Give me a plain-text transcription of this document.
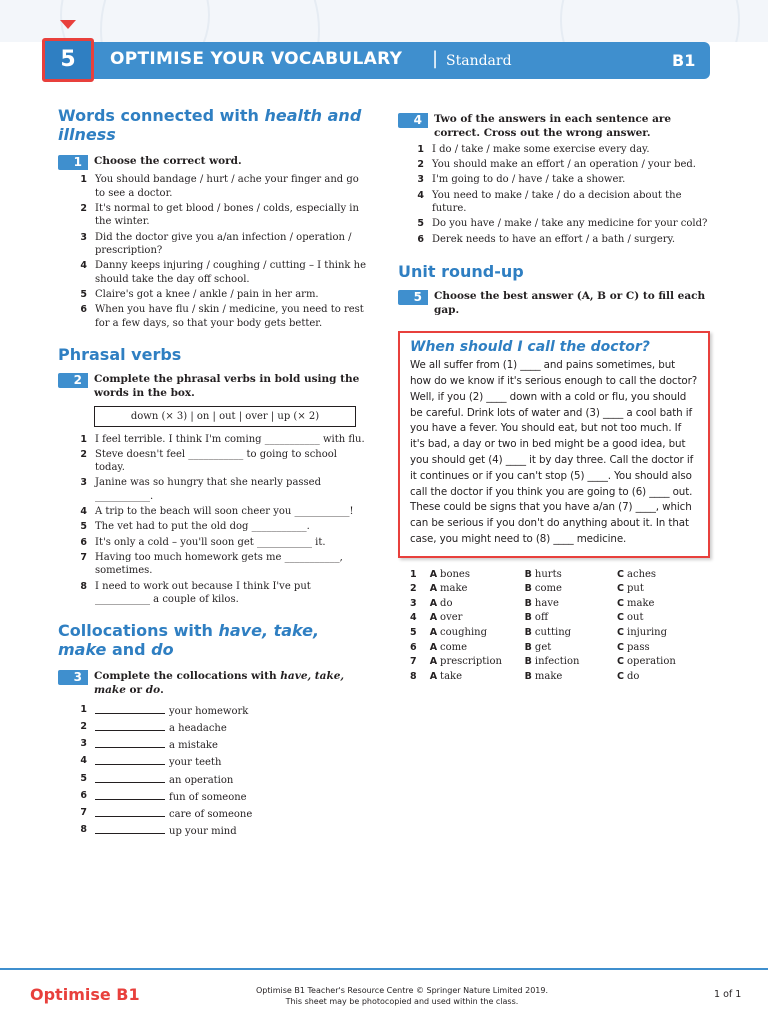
5	OPTIMISE YOUR VOCABULARY | Standard	B1
Words connected with health and illness
1	Choose the correct word.
1 You should bandage / hurt / ache your finger and go to see a doctor.
2 It's normal to get blood / bones / colds, especially in the winter.
3 Did the doctor give you a/an infection / operation / prescription?
4 Danny keeps injuring / coughing / cutting – I think he should take the day off school.
5 Claire's got a knee / ankle / pain in her arm.
6 When you have flu / skin / medicine, you need to rest for a few days, so that your body gets better.
Phrasal verbs
2	Complete the phrasal verbs in bold using the words in the box.
down (× 3) | on | out | over | up (× 2)
1 I feel terrible. I think I'm coming ___________ with flu.
2 Steve doesn't feel ___________ to going to school today.
3 Janine was so hungry that she nearly passed ___________.
4 A trip to the beach will soon cheer you ___________!
5 The vet had to put the old dog ___________.
6 It's only a cold – you'll soon get ___________ it.
7 Having too much homework gets me ___________, sometimes.
8 I need to work out because I think I've put ___________ a couple of kilos.
Collocations with have, take, make and do
3	Complete the collocations with have, take, make or do.
1	your homework
2	a headache
3	a mistake
4	your teeth
5	an operation
6	fun of someone
7	care of someone
8	up your mind
4	Two of the answers in each sentence are correct. Cross out the wrong answer.
1 I do / take / make some exercise every day.
2 You should make an effort / an operation / your bed.
3 I'm going to do / have / take a shower.
4 You need to make / take / do a decision about the future.
5 Do you have / make / take any medicine for your cold?
6 Derek needs to have an effort / a bath / surgery.
Unit round-up
5	Choose the best answer (A, B or C) to fill each gap.
When should I call the doctor?

We all suffer from (1) ____ and pains sometimes, but how do we know if it's serious enough to call the doctor? Well, if you (2) ____ down with a cold or flu, you should be careful. Drink lots of water and (3) ____ a cool bath if you have a fever. You should eat, but not too much. If it's bad, a day or two in bed might be a good idea, but you should get (4) ____ it by day three. Call the doctor if it continues or if you can't stop (5) ____. You should also call the doctor if you think you are going to (6) ____ out. These could be signs that you have a/an (7) ____, which can be serious if you don't do anything about it. In that case, you might need to (8) ____ medicine.

1	A bones	B hurts	C aches
2	A make	B come	C put
3	A do	B have	C make
4	A over	B off	C out
5	A coughing	B cutting	C injuring
6	A come	B get	C pass
7	A prescription	B infection	C operation
8	A take	B make	C do
Optimise B1	Optimise B1 Teacher's Resource Centre © Springer Nature Limited 2019.
This sheet may be photocopied and used within the class.
1 of 1
